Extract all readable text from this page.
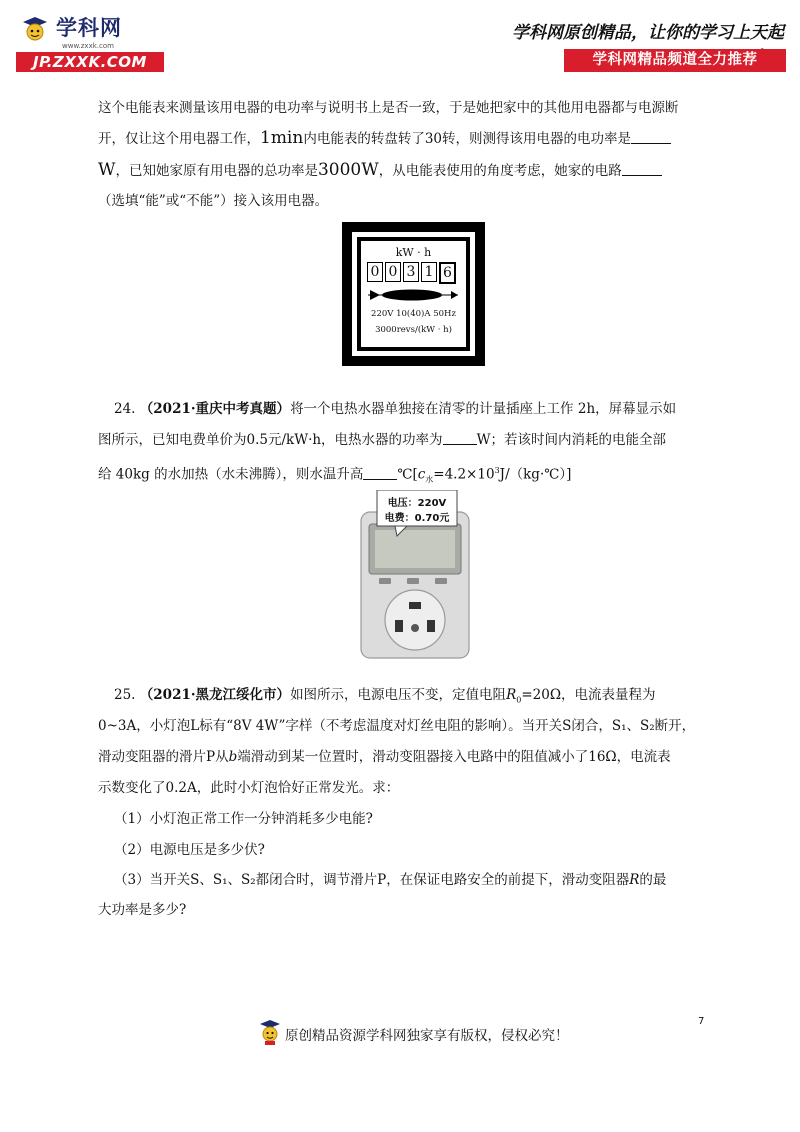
学科网
www.zxxk.com
JP.ZXXK.COM
学科网原创精品，让你的学习上天起
学科网精品频道全力推荐
这个电能表来测量该用电器的电功率与说明书上是否一致，于是她把家中的其他用电器都与电源断
开，仅让这个用电器工作，1min内电能表的转盘转了30转，则测得该用电器的电功率是
W，已知她家原有用电器的总功率是3000W，从电能表使用的角度考虑，她家的电路
（选填“能”或“不能”）接入该用电器。
kW · h
0 0 3 1 6
220V 10(40)A 50Hz
3000revs/(kW · h)
24. （2021·重庆中考真题）将一个电热水器单独接在清零的计量插座上工作 2h，屏幕显示如
图所示，已知电费单价为0.5元/kW·h，电热水器的功率为	W；若该时间内消耗的电能全部
给 40kg 的水加热（水未沸腾），则水温升高	$℃[c_水=4.2\times 10^3J/(kg\cdot℃)]$
电压：220V
电费：0.70元
25. （2021·黑龙江绥化市）如图所示，电源电压不变，定值电阻$R_0=20\Omega$，电流表量程为
0~3A，小灯泡L标有“8V 4W”字样（不考虑温度对灯丝电阻的影响）。当开关S闭合，S₁、S₂断开，
滑动变阻器的滑片P从b端滑动到某一位置时，滑动变阻器接入电路中的阻值减小了16Ω，电流表
示数变化了0.2A，此时小灯泡恰好正常发光。求：
（1）小灯泡正常工作一分钟消耗多少电能?
（2）电源电压是多少伏?
（3）当开关S、S₁、S₂都闭合时，调节滑片P，在保证电路安全的前提下，滑动变阻器R的最
大功率是多少?
7
原创精品资源学科网独家享有版权，侵权必究！
